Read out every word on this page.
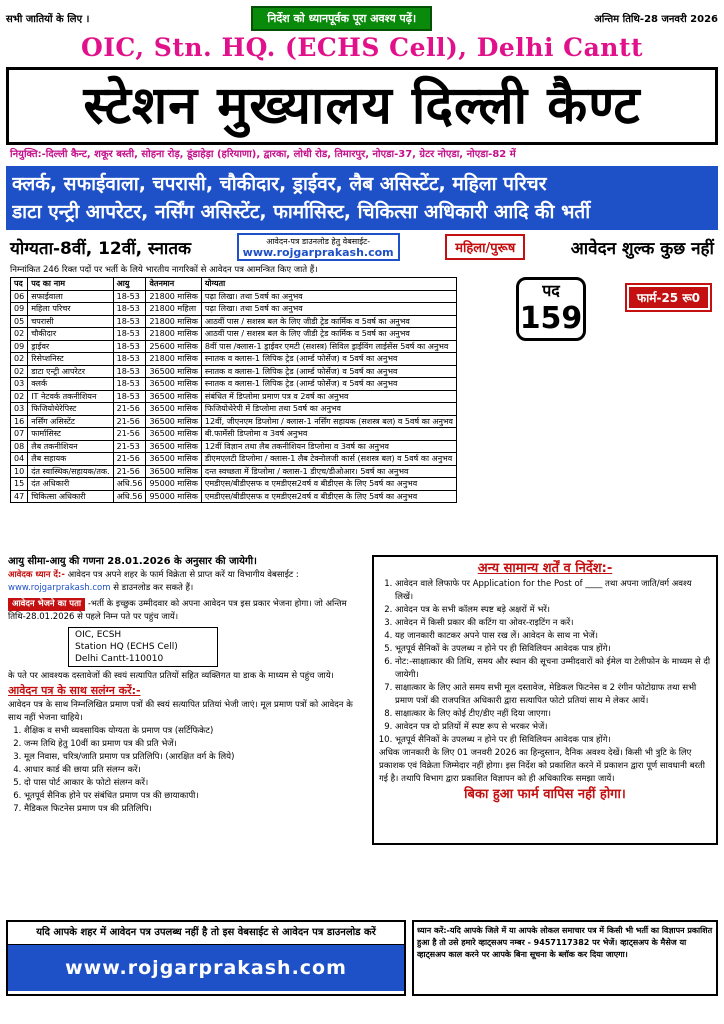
सभी जातियों के लिए ।	निर्देश को ध्यानपूर्वक पूरा अवश्य पढ़ें।	अन्तिम तिथि-28 जनवरी 2026
OIC, Stn. HQ. (ECHS Cell), Delhi Cantt
स्टेशन मुख्यालय दिल्ली कैण्ट
नियुक्ति:-दिल्ली कैन्ट, शकूर बस्ती, सोहना रोड़, डूंडाहेड़ा (हरियाणा), द्वारका, लोधी रोड, तिमारपुर, नोएडा-37, ग्रेटर नोएडा, नोएडा-82 में
क्लर्क, सफाईवाला, चपरासी, चौकीदार, ड्राईवर, लैब असिस्टेंट, महिला परिचर
डाटा एन्ट्री आपरेटर, नर्सिंग असिस्टेंट, फार्मासिस्ट, चिकित्सा अधिकारी आदि की भर्ती
योग्यता-8वीं, 12वीं, स्नातक	आवेदन-पत्र डाउनलोड हेतु वेबसाईट-
www.rojgarprakash.com	महिला/पुरूष	आवेदन शुल्क कुछ नहीं
निम्नांकित 246 रिक्त पदों पर भर्ती के लिये भारतीय नागरिकों से आवेदन पत्र आमन्त्रित किए जाते हैं।
पद	पद का नाम	आयु	वेतनमान	योग्यता
06	सफाईवाला	18-53	21800 मासिक	पढ़ा लिखा। तथा 5वर्ष का अनुभव
09	महिला परिचर	18-53	21800 महिला	पढ़ा लिखा। तथा 5वर्ष का अनुभव
05	चपरासी	18-53	21800 मासिक	आठवीं पास / सशस्त्र बल के लिए जीडी ट्रेड कार्मिक व 5वर्ष का अनुभव
02	चौकीदार	18-53	21800 मासिक	आठवीं पास / सशस्त्र बल के लिए जीडी ट्रेड कार्मिक व 5वर्ष का अनुभव
09	ड्राईवर	18-53	25600 मासिक	8वीं पास /क्लास-1 ड्राईवर एमटी (सशस्त्र) सिविल ड्राईविंग लाईसेंस 5वर्ष का अनुभव
02	रिसेप्शनिस्ट	18-53	21800 मासिक	स्नातक व क्लास-1 लिपिक ट्रेड (आर्म्ड फोर्सेज) व 5वर्ष का अनुभव
02	डाटा एन्ट्री आपरेटर	18-53	36500 मासिक	स्नातक व क्लास-1 लिपिक ट्रेड (आर्म्ड फोर्सेज) व 5वर्ष का अनुभव
03	क्लर्क	18-53	36500 मासिक	स्नातक व क्लास-1 लिपिक ट्रेड (आर्म्ड फोर्सेज) व 5वर्ष का अनुभव
02	IT नेटवर्क तकनीशियन	18-53	36500 मासिक	संबंधित में डिप्लोमा प्रमाण पत्र व 2वर्ष का अनुभव
03	फिजियोथेरेपिस्ट	21-56	36500 मासिक	फिजियोथेरेपी में डिप्लोमा तथा 5वर्ष का अनुभव
16	नर्सिंग असिस्टेंट	21-56	36500 मासिक	12वीं, जीएनएम डिप्लोमा / क्लास-1 नर्सिंग सहायक (सशस्त्र बल) व 5वर्ष का अनुभव
07	फार्मासिस्ट	21-56	36500 मासिक	बी.फार्मेसी डिप्लोमा व 3वर्ष अनुभव
08	लैब तकनीशियन	21-53	36500 मासिक	12वीं विज्ञान तथा लैब तकनीशियन डिप्लोमा व 3वर्ष का अनुभव
04	लैब सहायक	21-56	36500 मासिक	डीएमएलटी डिप्लोमा / क्लास-1 लैब टेक्नोलजी कार्स (सशस्त्र बल) व 5वर्ष का अनुभव
10	दंत स्वास्थिक/सहायक/तक.	21-56	36500 मासिक	दन्त स्वच्छता में डिप्लोमा / क्लास-1 डीएच/डीओआर। 5वर्ष का अनुभव
15	दंत अधिकारी	अधि.56	95000 मासिक	एमडीएस/बीडीएसफ व एमडीएस2वर्ष व बीडीएस के लिए 5वर्ष का अनुभव
47	चिकित्सा अधिकारी	अधि.56	95000 मासिक	एमडीएस/बीडीएसफ व एमडीएस2वर्ष व बीडीएस के लिए 5वर्ष का अनुभव
पद
159
फार्म-25 रू0
आयु सीमा-आयु की गणना 28.01.2026 के अनुसार की जायेगी।
आवेदक ध्यान दें:- आवेदन पत्र अपने शहर के फार्म विक्रेता से प्राप्त करें या विभागीय वेबसाईट : www.rojgarprakash.com से डाउनलोड कर सकते हैं।
आवेदन भेजने का पता -भर्ती के इच्छुक उम्मीदवार को अपना आवेदन पत्र इस प्रकार भेजना होगा। जो अन्तिम तिथि-28.01.2026 से पहले निम्न पते पर पहुंच जायें।
OIC, ECSH
Station HQ (ECHS Cell)
Delhi Cantt-110010
के पते पर आवश्यक दस्तावेजों की स्वयं सत्यापित प्रतियों सहित व्यक्तिगत या डाक के माध्यम से पहुंच जाये।
आवेदन पत्र के साथ सलंग्न करें:-
आवेदन पत्र के साथ निम्नलिखित प्रमाण पत्रों की स्वयं सत्यापित प्रतियां भेजी जाएं। मूल प्रमाण पत्रों को आवेदन के साथ नहीं भेजना चाहिये।
1. शैक्षिक व सभी व्यवसायिक योग्यता के प्रमाण पत्र (सर्टिफिकेट)
2. जन्म तिथि हेतु 10वीं का प्रमाण पत्र की प्रति भेजें।
3. मूल निवास, चरित्र/जाति प्रमाण पत्र प्रतिलिपि। (आरक्षित वर्ग के लिये)
4. आधार कार्ड की छाया प्रति संलग्न करें।
5. दो पास पोर्ट आकार के फोटो संलग्न करें।
6. भूतपूर्व सैनिक होने पर संबंधित प्रमाण पत्र की छायाकापी।
7. मैडिकल फिटनेस प्रमाण पत्र की प्रतिलिपि।
अन्य सामान्य शर्तें व निर्देश:-
1. आवेदन वाले लिफाफे पर Application for the Post of ____ तथा अपना जाति/वर्ग अवश्य लिखें।
2. आवेदन पत्र के सभी कॉलम स्पष्ट बड़े अक्षरों में भरें।
3. आवेदन में किसी प्रकार की कटिंग या ओवर-राइटिंग न करें।
4. यह जानकारी काटकर अपने पास रख लें। आवेदन के साथ ना भेजें।
5. भूतपूर्व सैनिकों के उपलब्ध न होने पर ही सिविलियन आवेदक पात्र होंगे।
6. नोट:-साक्षात्कार की तिथि, समय और स्थान की सूचना उम्मीदवारों को ईमेल या टेलीफोन के माध्यम से दी जायेगी।
7. साक्षात्कार के लिए आते समय सभी मूल दस्तावेज, मेडिकल फिटनेस व 2 रंगीन फोटोग्राफ तथा सभी प्रमाण पत्रों की राजपत्रित अधिकारी द्वारा सत्यापित फोटो प्रतियां साथ मे लेकर आयें।
8. साक्षात्कार के लिए कोई टीए/डीए नहीं दिया जाएगा।
9. आवेदन पत्र दो प्रतियों में स्पष्ट रूप से भरकर भेजें।
10. भूतपूर्व सैनिकों के उपलब्ध न होने पर ही सिविलियन आवेदक पात्र होंगे।
अधिक जानकारी के लिए 01 जनवरी 2026 का हिन्दुस्तान, दैनिक अवश्य देखें। किसी भी त्रुटि के लिए प्रकाशक एवं विक्रेता जिम्मेदार नहीं होगा। इस निर्देश को प्रकाशित करने में प्रकाशन द्वारा पूर्ण सावधानी बरती गई है। तथापि विभाग द्वारा प्रकाशित विज्ञापन को ही अधिकारिक समझा जायें।
बिका हुआ फार्म वापिस नहीं होगा।
यदि आपके शहर में आवेदन पत्र उपलब्ध नहीं है तो इस वेबसाईट से आवेदन पत्र डाउनलोड करें
www.rojgarprakash.com
ध्यान करें:-यदि आपके जिले में या आपके लोकल समाचार पत्र में किसी भी भर्ती का विज्ञापन प्रकाशित हुआ है तो उसे हमारे व्हाट्सअप नम्बर - 9457117382 पर भेजें। व्हाट्सअप के मैसेज या व्हाट्सअप काल करने पर आपके बिना सूचना के ब्लॉक कर दिया जाएगा।
